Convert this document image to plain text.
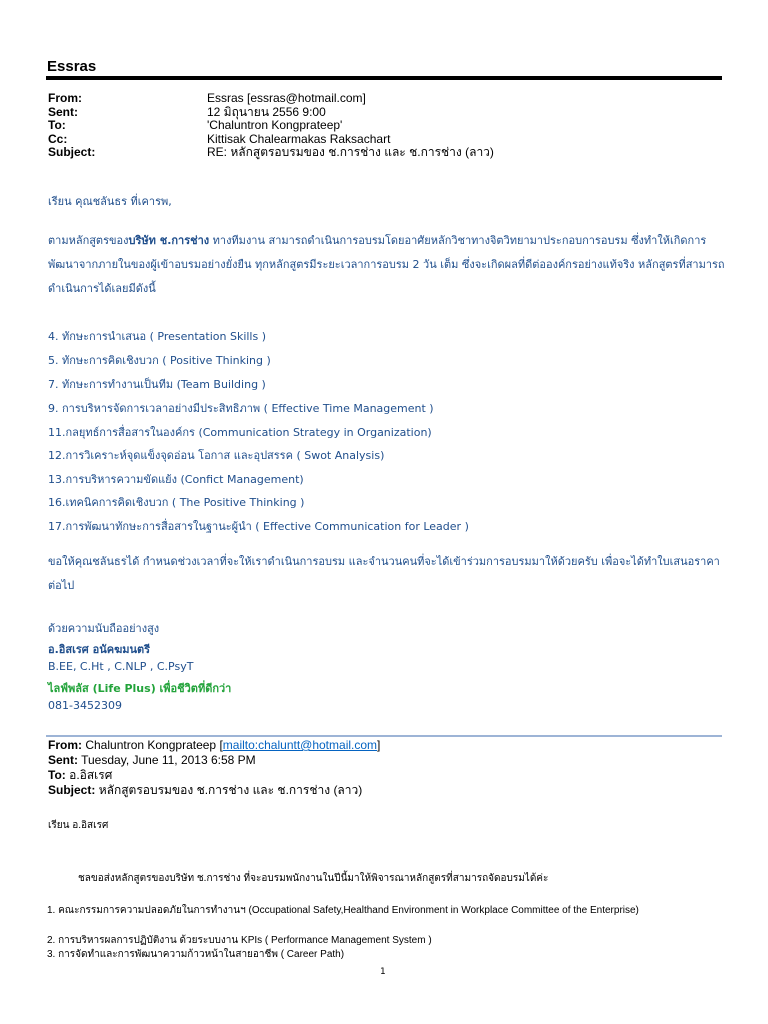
Essras
From:	Essras [essras@hotmail.com]
Sent:	12 มิถุนายน 2556 9:00
To:	'Chaluntron Kongprateep'
Cc:	Kittisak Chalearmakas Raksachart
Subject:	RE: หลักสูตรอบรมของ ช.การช่าง และ ช.การช่าง (ลาว)
เรียน คุณชลันธร ที่เคารพ,
ตามหลักสูตรของบริษัท ช.การช่าง ทางทีมงาน สามารถดำเนินการอบรมโดยอาศัยหลักวิชาทางจิตวิทยามาประกอบการอบรม ซึ่งทำให้เกิดการพัฒนาจากภายในของผู้เข้าอบรมอย่างยั่งยืน ทุกหลักสูตรมีระยะเวลาการอบรม 2 วัน เต็ม ซึ่งจะเกิดผลที่ดีต่อองค์กรอย่างแท้จริง หลักสูตรที่สามารถดำเนินการได้เลยมีดังนี้
4. ทักษะการนำเสนอ ( Presentation Skills )
5. ทักษะการคิดเชิงบวก ( Positive Thinking )
7. ทักษะการทำงานเป็นทีม (Team Building )
9. การบริหารจัดการเวลาอย่างมีประสิทธิภาพ ( Effective Time Management )
11.กลยุทธ์การสื่อสารในองค์กร (Communication Strategy in Organization)
12.การวิเคราะห์จุดแข็งจุดอ่อน โอกาส และอุปสรรค ( Swot Analysis)
13.การบริหารความขัดแย้ง (Confict Management)
16.เทคนิคการคิดเชิงบวก ( The Positive Thinking )
17.การพัฒนาทักษะการสื่อสารในฐานะผู้นำ ( Effective Communication for Leader )
ขอให้คุณชลันธรได้ กำหนดช่วงเวลาที่จะให้เราดำเนินการอบรม และจำนวนคนที่จะได้เข้าร่วมการอบรมมาให้ด้วยครับ เพื่อจะได้ทำใบเสนอราคาต่อไป
ด้วยความนับถืออย่างสูง
อ.อิสเรศ อนัคฆมนตรี
B.EE, C.Ht , C.NLP , C.PsyT
ไลฟ์พลัส (Life Plus) เพื่อชีวิตที่ดีกว่า
081-3452309
From: Chaluntron Kongprateep [mailto:chaluntt@hotmail.com]
Sent: Tuesday, June 11, 2013 6:58 PM
To: อ.อิสเรศ
Subject: หลักสูตรอบรมของ ช.การช่าง และ ช.การช่าง (ลาว)
เรียน อ.อิสเรศ
ชลขอส่งหลักสูตรของบริษัท ช.การช่าง ที่จะอบรมพนักงานในปีนี้มาให้พิจารณาหลักสูตรที่สามารถจัดอบรมได้ค่ะ
1. คณะกรรมการความปลอดภัยในการทำงานฯ (Occupational Safety,Healthand Environment in Workplace Committee of the Enterprise)
2. การบริหารผลการปฏิบัติงาน ด้วยระบบงาน KPIs ( Performance Management System )
3. การจัดทำและการพัฒนาความก้าวหน้าในสายอาชีพ ( Career Path)
1
